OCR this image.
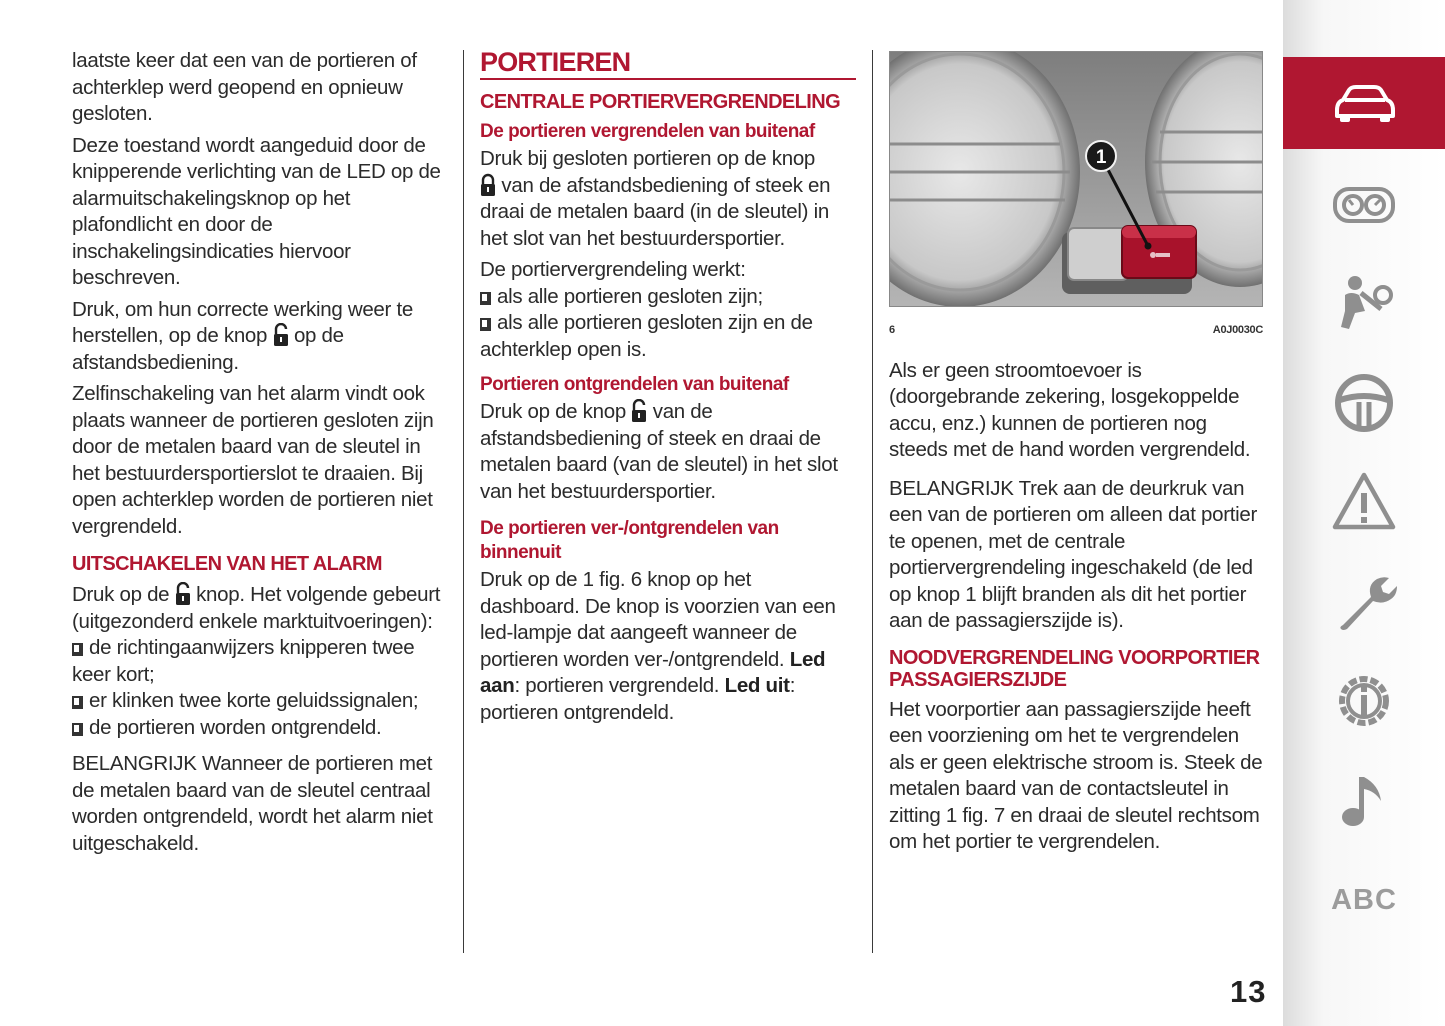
laatste keer dat een van de portieren of achterklep werd geopend en opnieuw gesloten.

Deze toestand wordt aangeduid door de knipperende verlichting van de LED op de alarmuitschakelingsknop op het plafondlicht en door de inschakelingsindicaties hiervoor beschreven.

Druk, om hun correcte werking weer te herstellen, op de knop op de afstandsbediening.

Zelfinschakeling van het alarm vindt ook plaats wanneer de portieren gesloten zijn door de metalen baard van de sleutel in het bestuurdersportierslot te draaien. Bij open achterklep worden de portieren niet vergrendeld.

UITSCHAKELEN VAN HET ALARM

Druk op de knop. Het volgende gebeurt (uitgezonderd enkele marktuitvoeringen):

de richtingaanwijzers knipperen twee keer kort;
er klinken twee korte geluidssignalen;
de portieren worden ontgrendeld.

BELANGRIJK Wanneer de portieren met de metalen baard van de sleutel centraal worden ontgrendeld, wordt het alarm niet uitgeschakeld.

PORTIEREN
CENTRALE PORTIERVERGRENDELING
De portieren vergrendelen van buitenaf

Druk bij gesloten portieren op de knop
van de afstandsbediening of steek en draai de metalen baard (in de sleutel) in het slot van het bestuurdersportier.

De portiervergrendeling werkt:

als alle portieren gesloten zijn;
als alle portieren gesloten zijn en de achterklep open is.
Portieren ontgrendelen van buitenaf

Druk op de knop van de afstandsbediening of steek en draai de metalen baard (van de sleutel) in het slot van het bestuurdersportier.

De portieren ver-/ontgrendelen van binnenuit

Druk op de 1 fig. 6 knop op het dashboard. De knop is voorzien van een led-lampje dat aangeeft wanneer de portieren worden ver-/ontgrendeld. Led aan: portieren vergrendeld. Led uit: portieren ontgrendeld.

1
6	A0J0030C

Als er geen stroomtoevoer is (doorgebrande zekering, losgekoppelde accu, enz.) kunnen de portieren nog steeds met de hand worden vergrendeld.

BELANGRIJK Trek aan de deurkruk van een van de portieren om alleen dat portier te openen, met de centrale portiervergrendeling ingeschakeld (de led op knop 1 blijft branden als dit het portier aan de passagierszijde is).

NOODVERGRENDELING VOORPORTIER PASSAGIERSZIJDE

Het voorportier aan passagierszijde heeft een voorziening om het te vergrendelen als er geen elektrische stroom is. Steek de metalen baard van de contactsleutel in zitting 1 fig. 7 en draai de sleutel rechtsom om het portier te vergrendelen.

ABC
13
